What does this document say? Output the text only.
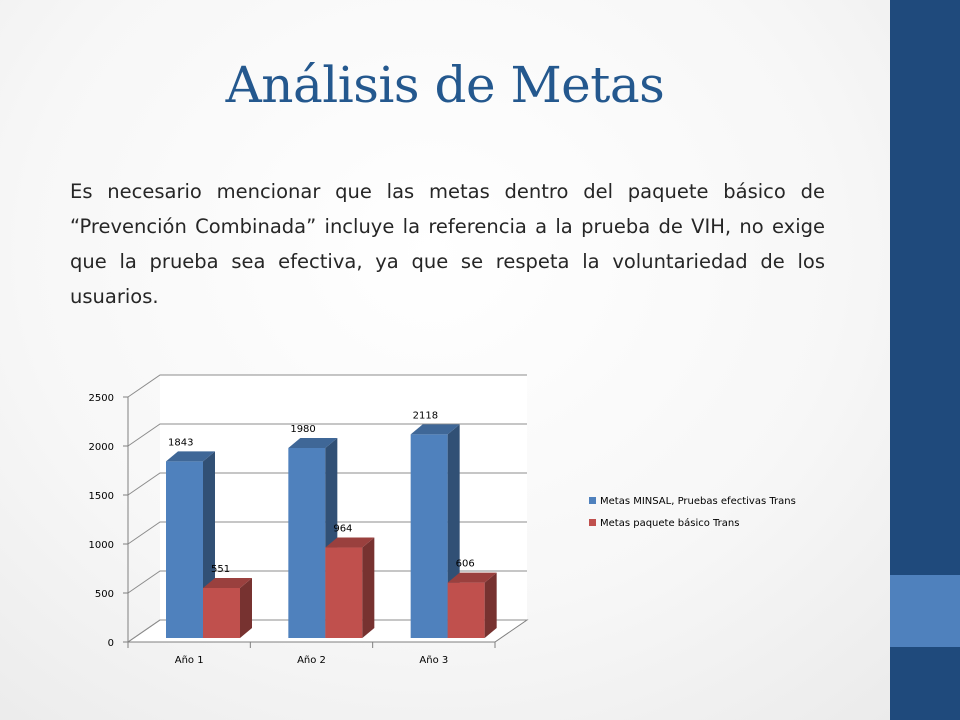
Análisis de Metas

Es necesario mencionar que las metas dentro del paquete básico de “Prevención Combinada” incluye la referencia a la prueba de VIH, no exige que la prueba sea efectiva, ya que se respeta la voluntariedad de los usuarios.

0
500
1000
1500
2000
2500
Año 1	Año 2	Año 3
1843
551
1980
964
2118
606
Metas MINSAL, Pruebas efectivas Trans
Metas paquete básico Trans
